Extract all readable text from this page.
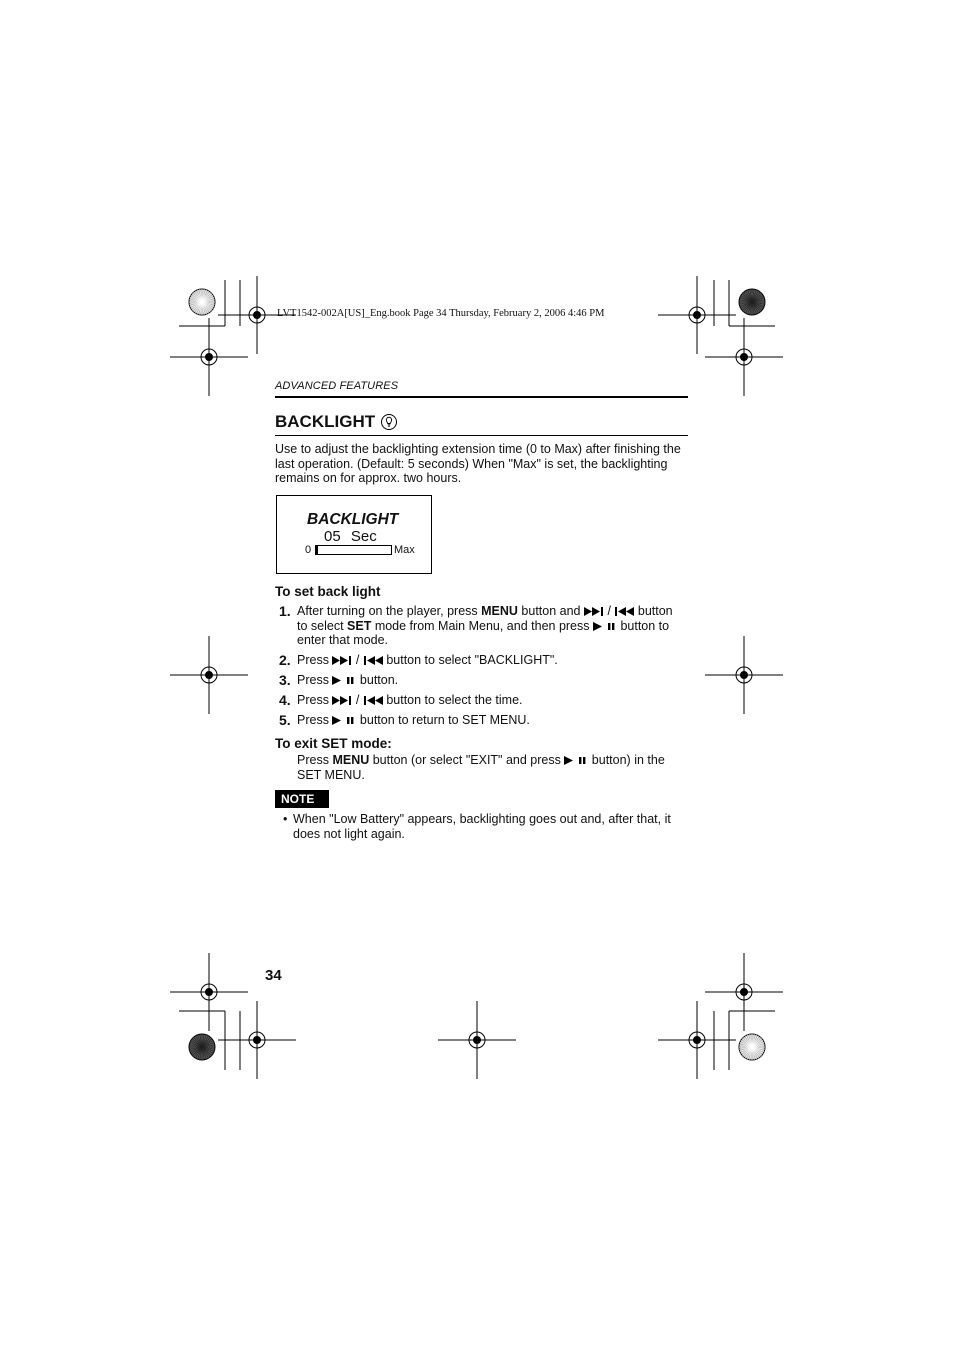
LVT1542-002A[US]_Eng.book Page 34 Thursday, February 2, 2006 4:46 PM
ADVANCED FEATURES
BACKLIGHT
Use to adjust the backlighting extension time (0 to Max) after finishing the
last operation. (Default: 5 seconds) When "Max" is set, the backlighting
remains on for approx. two hours.
BACKLIGHT
05 Sec
0	Max
To set back light
1. After turning on the player, press MENU button and  /  button
to select SET mode from Main Menu, and then press  button to
enter that mode.
2. Press  /  button to select "BACKLIGHT".
3. Press  button.
4. Press  /  button to select the time.
5. Press  button to return to SET MENU.
To exit SET mode:
Press MENU button (or select "EXIT" and press  button) in the
SET MENU.
NOTE
• When "Low Battery" appears, backlighting goes out and, after that, it
does not light again.
34
